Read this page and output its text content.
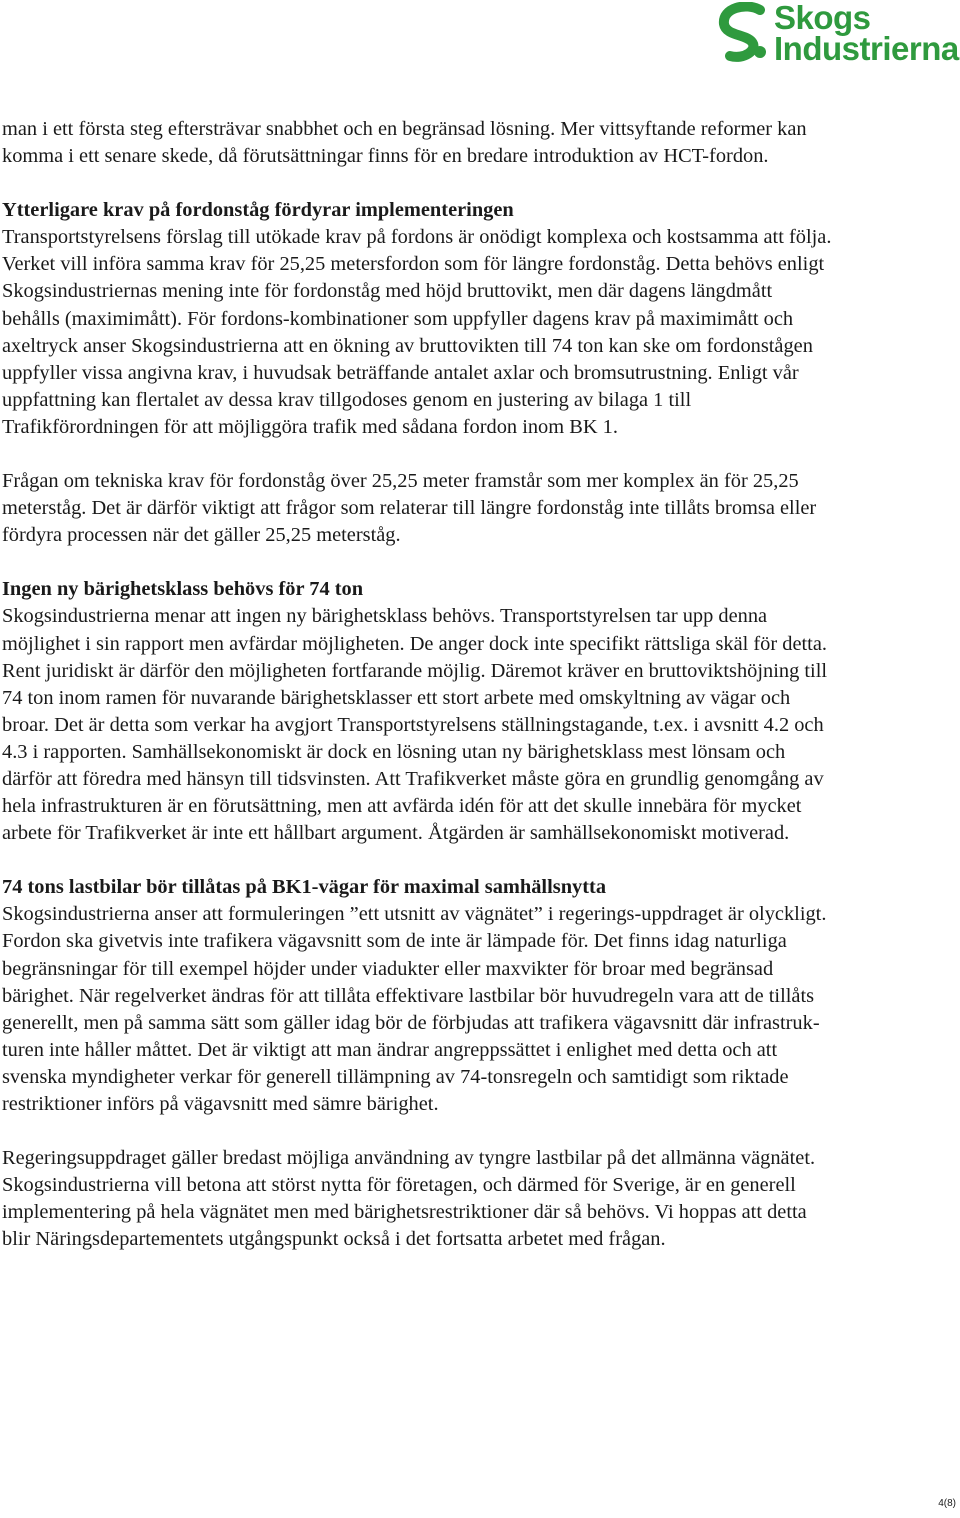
Skogs
Industrierna

man i ett första steg eftersträvar snabbhet och en begränsad lösning. Mer vittsyftande reformer kan komma i ett senare skede, då förutsättningar finns för en bredare introduktion av HCT-fordon.

Ytterligare krav på fordonståg fördyrar implementeringen

Transportstyrelsens förslag till utökade krav på fordons är onödigt komplexa och kostsamma att följa. Verket vill införa samma krav för 25,25 metersfordon som för längre fordonståg. Detta behövs enligt Skogsindustriernas mening inte för fordonståg med höjd bruttovikt, men där dagens längdmått behålls (maximimått). För fordons-kombinationer som uppfyller dagens krav på maximimått och axeltryck anser Skogsindustrierna att en ökning av bruttovikten till 74 ton kan ske om fordonstågen uppfyller vissa angivna krav, i huvudsak beträffande antalet axlar och bromsutrustning. Enligt vår uppfattning kan flertalet av dessa krav tillgodoses genom en justering av bilaga 1 till Trafikförordningen för att möjliggöra trafik med sådana fordon inom BK 1.

Frågan om tekniska krav för fordonståg över 25,25 meter framstår som mer komplex än för 25,25 meterståg. Det är därför viktigt att frågor som relaterar till längre fordonståg inte tillåts bromsa eller fördyra processen när det gäller 25,25 meterståg.

Ingen ny bärighetsklass behövs för 74 ton

Skogsindustrierna menar att ingen ny bärighetsklass behövs. Transportstyrelsen tar upp denna möjlighet i sin rapport men avfärdar möjligheten. De anger dock inte specifikt rättsliga skäl för detta. Rent juridiskt är därför den möjligheten fortfarande möjlig. Däremot kräver en bruttoviktshöjning till 74 ton inom ramen för nuvarande bärighetsklasser ett stort arbete med omskyltning av vägar och broar. Det är detta som verkar ha avgjort Transportstyrelsens ställningstagande, t.ex. i avsnitt 4.2 och 4.3 i rapporten. Samhällsekonomiskt är dock en lösning utan ny bärighetsklass mest lönsam och därför att föredra med hänsyn till tidsvinsten. Att Trafikverket måste göra en grundlig genomgång av hela infrastrukturen är en förutsättning, men att avfärda idén för att det skulle innebära för mycket arbete för Trafikverket är inte ett hållbart argument. Åtgärden är samhällsekonomiskt motiverad.

74 tons lastbilar bör tillåtas på BK1-vägar för maximal samhällsnytta

Skogsindustrierna anser att formuleringen ”ett utsnitt av vägnätet” i regerings-uppdraget är olyckligt. Fordon ska givetvis inte trafikera vägavsnitt som de inte är lämpade för. Det finns idag naturliga begränsningar för till exempel höjder under viadukter eller maxvikter för broar med begränsad bärighet. När regelverket ändras för att tillåta effektivare lastbilar bör huvudregeln vara att de tillåts generellt, men på samma sätt som gäller idag bör de förbjudas att trafikera vägavsnitt där infrastruk-turen inte håller måttet. Det är viktigt att man ändrar angreppssättet i enlighet med detta och att svenska myndigheter verkar för generell tillämpning av 74-tonsregeln och samtidigt som riktade restriktioner införs på vägavsnitt med sämre bärighet.

Regeringsuppdraget gäller bredast möjliga användning av tyngre lastbilar på det allmänna vägnätet. Skogsindustrierna vill betona att störst nytta för företagen, och därmed för Sverige, är en generell implementering på hela vägnätet men med bärighetsrestriktioner där så behövs. Vi hoppas att detta blir Näringsdepartementets utgångspunkt också i det fortsatta arbetet med frågan.

4(8)
